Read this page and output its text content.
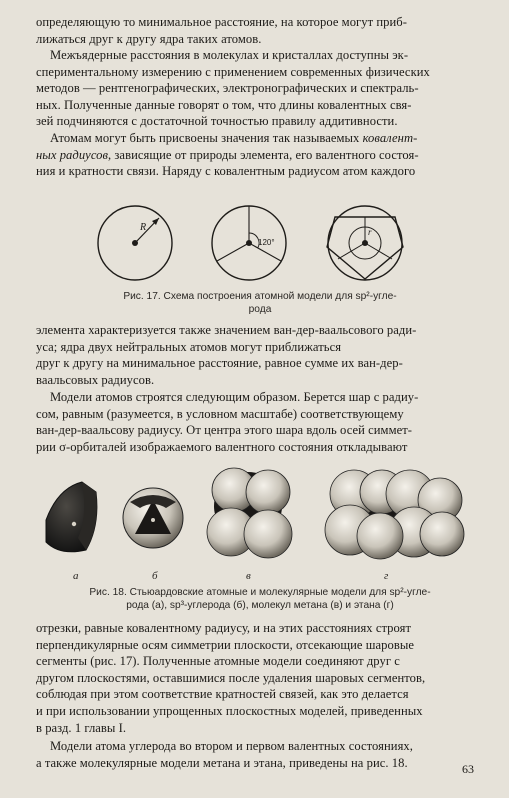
определяющую то минимальное расстояние, на которое могут приб-
лижаться друг к другу ядра таких атомов.
Межъядерные расстояния в молекулах и кристаллах доступны эк-
спериментальному измерению с применением современных физических
методов — рентгенографических, электронографических и спектраль-
ных. Полученные данные говорят о том, что длины ковалентных свя-
зей подчиняются с достаточной точностью правилу аддитивности.
Атомам могут быть присвоены значения так называемых ковалент-
ных радиусов, зависящие от природы элемента, его валентного состоя-
ния и кратности связи. Наряду с ковалентным радиусом атом каждого
R
120°
r
Рис. 17. Схема построения атомной модели для sp²-углe-
рода
элемента характеризуется также значением ван-дер-ваальсового ради-
уса; ядра двух нейтральных атомов могут приближаться
друг к другу на минимальное расстояние, равное сумме их ван-дер-
ваальсовых радиусов.
Модели атомов строятся следующим образом. Берется шар с радиу-
сом, равным (разумеется, в условном масштабе) соответствующему
ван-дер-ваальсову радиусу. От центра этого шара вдоль осей симмет-
рии σ-орбиталей изображаемого валентного состояния откладывают
а	б	в	г
Рис. 18. Стьюардовские атомные и молекулярные модели для sp²-углe-
рода (а), sp³-углерода (б), молекул метана (в) и этана (г)
отрезки, равные ковалентному радиусу, и на этих расстояниях строят
перпендикулярные осям симметрии плоскости, отсекающие шаровые
сегменты (рис. 17). Полученные атомные модели соединяют друг с
другом плоскостями, оставшимися после удаления шаровых сегментов,
соблюдая при этом соответствие кратностей связей, как это делается
и при использовании упрощенных плоскостных моделей, приведенных
в разд. 1 главы I.
Модели атома углерода во втором и первом валентных состояниях,
а также молекулярные модели метана и этана, приведены на рис. 18.	63
